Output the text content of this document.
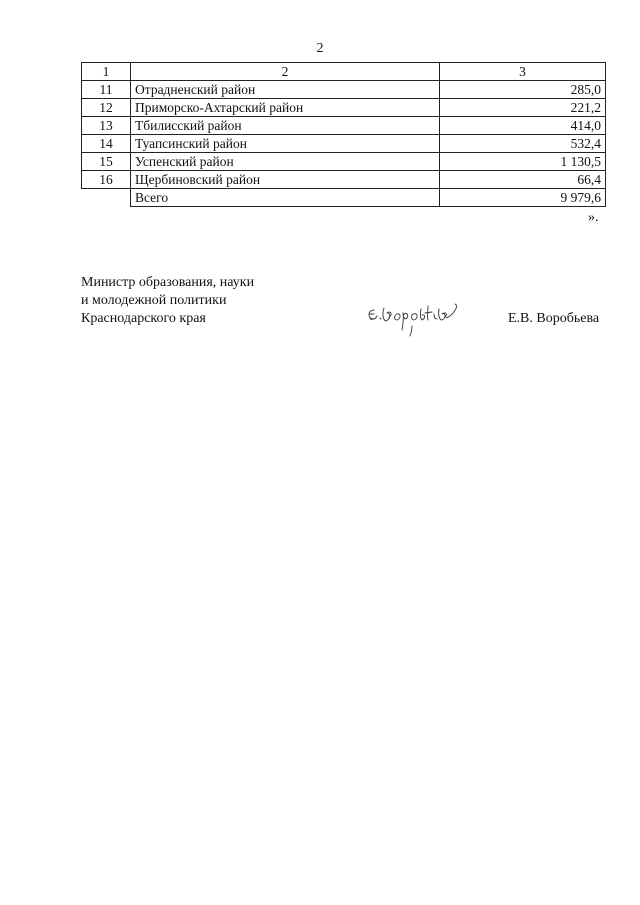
2
1	2	3
11	Отрадненский район	285,0
12	Приморско-Ахтарский район	221,2
13	Тбилисский район	414,0
14	Туапсинский район	532,4
15	Успенский район	1 130,5
16	Щербиновский район	66,4
	Всего	9 979,6
».
Министр образования, науки
и молодежной политики
Краснодарского края	Е.В. Воробьева
